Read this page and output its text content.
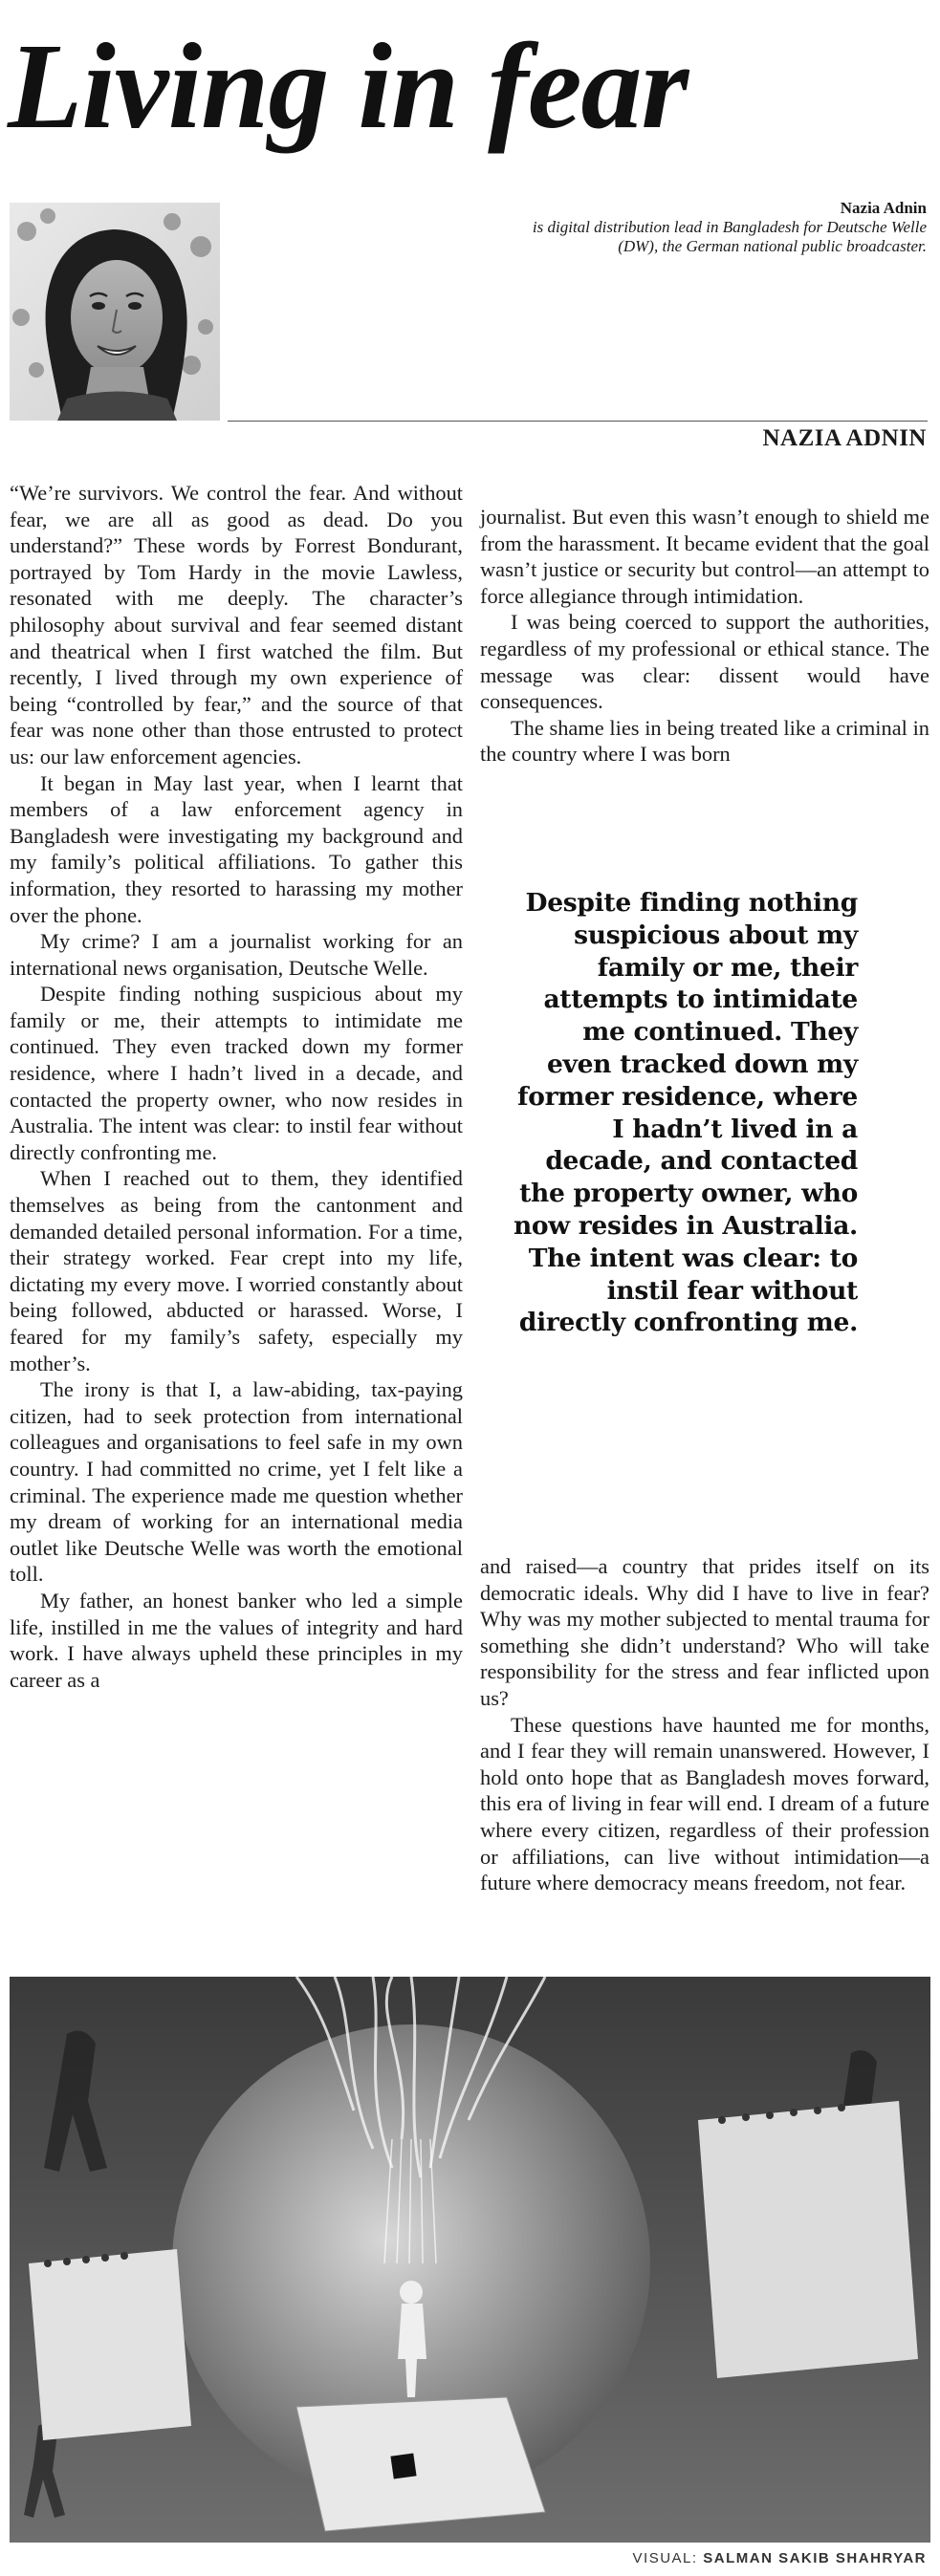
Living in fear
Nazia Adnin
is digital distribution lead in Bangladesh for Deutsche Welle (DW), the German national public broadcaster.
NAZIA ADNIN

“We’re survivors. We control the fear. And without fear, we are all as good as dead. Do you understand?” These words by Forrest Bondurant, portrayed by Tom Hardy in the movie Lawless, resonated with me deeply. The character’s philosophy about survival and fear seemed distant and theatrical when I first watched the film. But recently, I lived through my own experience of being “controlled by fear,” and the source of that fear was none other than those entrusted to protect us: our law enforcement agencies.

It began in May last year, when I learnt that members of a law enforcement agency in Bangladesh were investigating my background and my family’s political affiliations. To gather this information, they resorted to harassing my mother over the phone.

My crime? I am a journalist working for an international news organisation, Deutsche Welle.

Despite finding nothing suspicious about my family or me, their attempts to intimidate me continued. They even tracked down my former residence, where I hadn’t lived in a decade, and contacted the property owner, who now resides in Australia. The intent was clear: to instil fear without directly confronting me.

When I reached out to them, they identified themselves as being from the cantonment and demanded detailed personal information. For a time, their strategy worked. Fear crept into my life, dictating my every move. I worried constantly about being followed, abducted or harassed. Worse, I feared for my family’s safety, especially my mother’s.

The irony is that I, a law-abiding, tax-paying citizen, had to seek protection from international colleagues and organisations to feel safe in my own country. I had committed no crime, yet I felt like a criminal. The experience made me question whether my dream of working for an international media outlet like Deutsche Welle was worth the emotional toll.

My father, an honest banker who led a simple life, instilled in me the values of integrity and hard work. I have always upheld these principles in my career as a

journalist. But even this wasn’t enough to shield me from the harassment. It became evident that the goal wasn’t justice or security but control—an attempt to force allegiance through intimidation.

I was being coerced to support the authorities, regardless of my professional or ethical stance. The message was clear: dissent would have consequences.

The shame lies in being treated like a criminal in the country where I was born

Despite finding nothing suspicious about my family or me, their attempts to intimidate me continued. They even tracked down my former residence, where I hadn’t lived in a decade, and contacted the property owner, who now resides in Australia. The intent was clear: to instil fear without directly confronting me.

and raised—a country that prides itself on its democratic ideals. Why did I have to live in fear? Why was my mother subjected to mental trauma for something she didn’t understand? Who will take responsibility for the stress and fear inflicted upon us?

These questions have haunted me for months, and I fear they will remain unanswered. However, I hold onto hope that as Bangladesh moves forward, this era of living in fear will end. I dream of a future where every citizen, regardless of their profession or affiliations, can live without intimidation—a future where democracy means freedom, not fear.

VISUAL: SALMAN SAKIB SHAHRYAR
